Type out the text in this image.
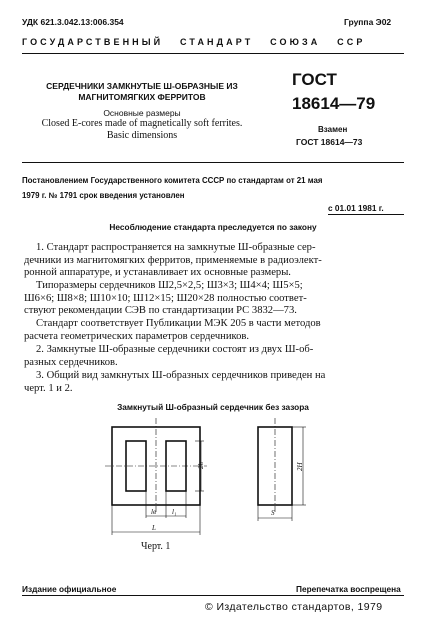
УДК 621.3.042.13:006.354	Группа Э02
ГОСУДАРСТВЕННЫЙ   СТАНДАРТ   СОЮЗА   ССР
СЕРДЕЧНИКИ ЗАМКНУТЫЕ Ш-ОБРАЗНЫЕ ИЗ
МАГНИТОМЯГКИХ ФЕРРИТОВ
Основные размеры
Closed E-cores made of magnetically soft ferrites.
Basic dimensions
ГОСТ
18614—79
Взамен
ГОСТ 18614—73
Постановлением Государственного комитета СССР по стандартам от 21 мая
1979 г. № 1791 срок введения установлен
с 01.01 1981 г.
Несоблюдение стандарта преследуется по закону
1. Стандарт распространяется на замкнутые Ш-образные сер-
дечники из магнитомягких ферритов, применяемые в радиоэлект-
ронной аппаратуре, и устанавливает их основные размеры.
Типоразмеры сердечников Ш2,5×2,5; Ш3×3; Ш4×4; Ш5×5;
Ш6×6; Ш8×8; Ш10×10; Ш12×15; Ш20×28 полностью соответ-
ствуют рекомендации СЭВ по стандартизации РС 3832—73.
Стандарт соответствует Публикации МЭК 205 в части методов
расчета геометрических параметров сердечников.
2. Замкнутые Ш-образные сердечники состоят из двух Ш-об-
разных сердечников.
3. Общий вид замкнутых Ш-образных сердечников приведен на
черт. 1 и 2.
Замкнутый Ш-образный сердечник без зазора
2h
lв l₁
L
2H
S
Черт. 1
Издание официальное	Перепечатка воспрещена
© Издательство стандартов, 1979
